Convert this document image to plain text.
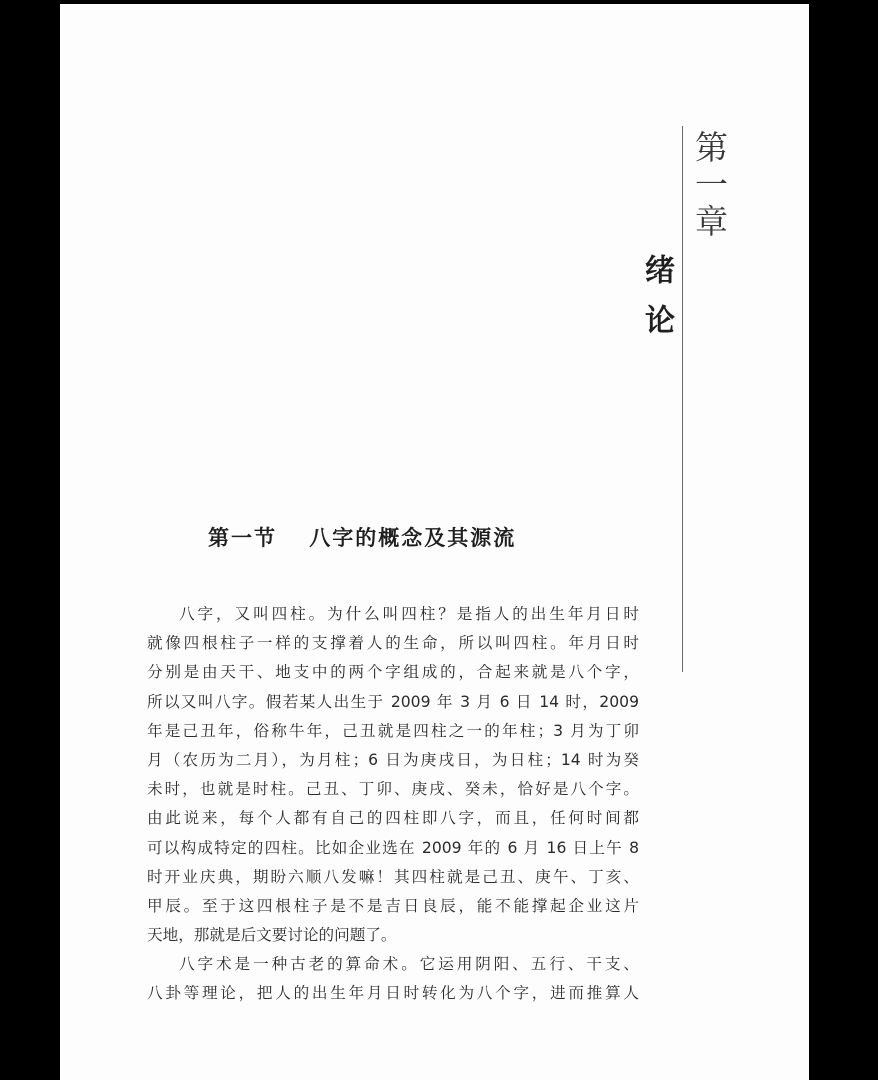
第一章
绪论
第一节　 八字的概念及其源流
八字，又叫四柱。为什么叫四柱？是指人的出生年月日时
就像四根柱子一样的支撑着人的生命，所以叫四柱。年月日时
分别是由天干、地支中的两个字组成的，合起来就是八个字，
所以又叫八字。假若某人出生于 2009 年 3 月 6 日 14 时，2009
年是己丑年，俗称牛年，己丑就是四柱之一的年柱；3 月为丁卯
月（农历为二月），为月柱；6 日为庚戌日，为日柱；14 时为癸
未时，也就是时柱。己丑、丁卯、庚戌、癸未，恰好是八个字。
由此说来，每个人都有自己的四柱即八字，而且，任何时间都
可以构成特定的四柱。比如企业选在 2009 年的 6 月 16 日上午 8
时开业庆典，期盼六顺八发嘛！其四柱就是己丑、庚午、丁亥、
甲辰。至于这四根柱子是不是吉日良辰，能不能撑起企业这片
天地，那就是后文要讨论的问题了。
八字术是一种古老的算命术。它运用阴阳、五行、干支、
八卦等理论，把人的出生年月日时转化为八个字，进而推算人
